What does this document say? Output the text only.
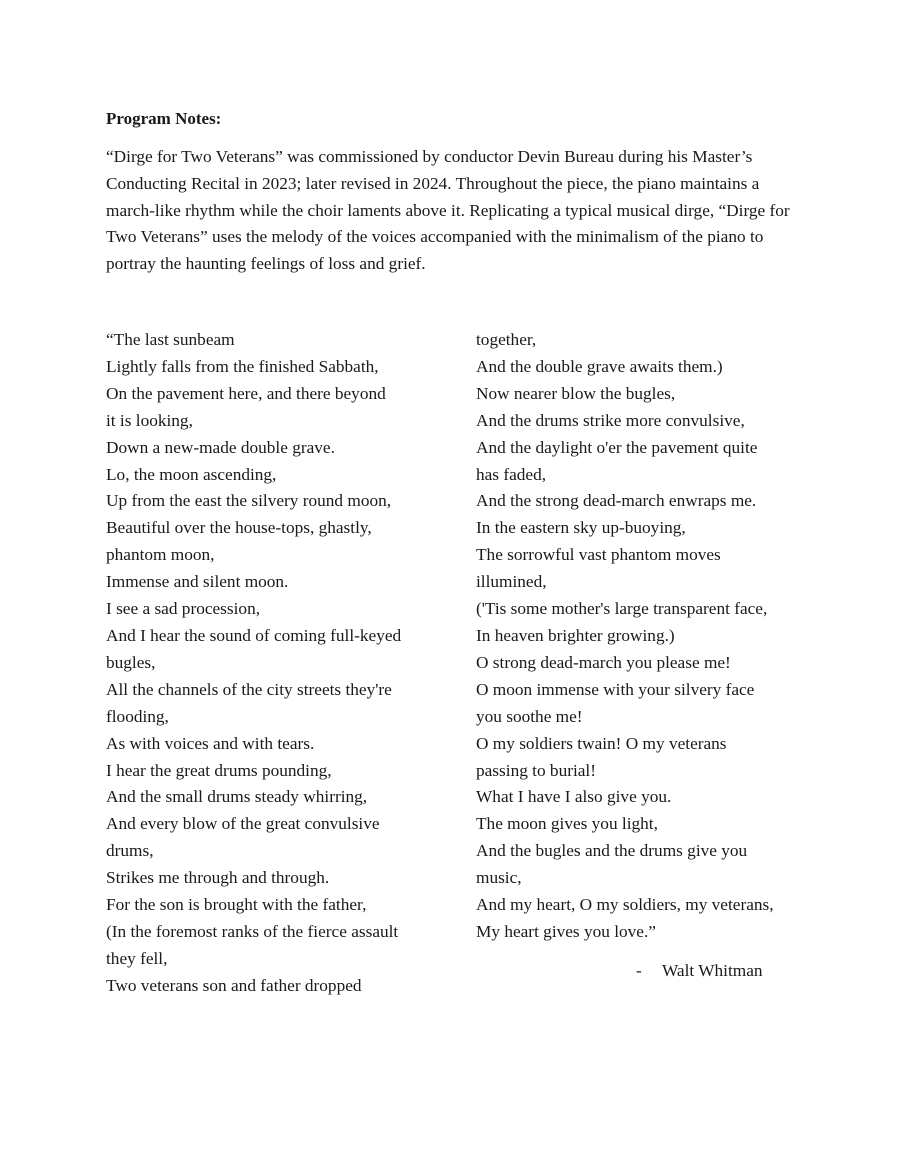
Program Notes:

“Dirge for Two Veterans” was commissioned by conductor Devin Bureau during his Master’s Conducting Recital in 2023; later revised in 2024. Throughout the piece, the piano maintains a march-like rhythm while the choir laments above it. Replicating a typical musical dirge, “Dirge for Two Veterans” uses the melody of the voices accompanied with the minimalism of the piano to portray the haunting feelings of loss and grief.

“The last sunbeam
Lightly falls from the finished Sabbath,
On the pavement here, and there beyond
it is looking,
Down a new-made double grave.
Lo, the moon ascending,
Up from the east the silvery round moon,
Beautiful over the house-tops, ghastly,
phantom moon,
Immense and silent moon.
I see a sad procession,
And I hear the sound of coming full-keyed
bugles,
All the channels of the city streets they're
flooding,
As with voices and with tears.
I hear the great drums pounding,
And the small drums steady whirring,
And every blow of the great convulsive
drums,
Strikes me through and through.
For the son is brought with the father,
(In the foremost ranks of the fierce assault
they fell,
Two veterans son and father dropped
together,
And the double grave awaits them.)
Now nearer blow the bugles,
And the drums strike more convulsive,
And the daylight o'er the pavement quite
has faded,
And the strong dead-march enwraps me.
In the eastern sky up-buoying,
The sorrowful vast phantom moves
illumined,
('Tis some mother's large transparent face,
In heaven brighter growing.)
O strong dead-march you please me!
O moon immense with your silvery face
you soothe me!
O my soldiers twain! O my veterans
passing to burial!
What I have I also give you.
The moon gives you light,
And the bugles and the drums give you
music,
And my heart, O my soldiers, my veterans,
My heart gives you love.”
- Walt Whitman
